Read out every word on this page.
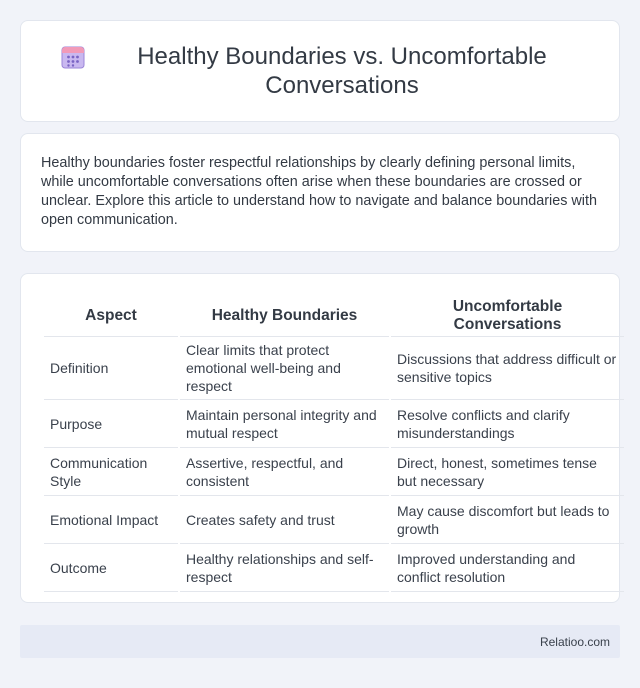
Healthy Boundaries vs. Uncomfortable Conversations

Healthy boundaries foster respectful relationships by clearly defining personal limits, while uncomfortable conversations often arise when these boundaries are crossed or unclear. Explore this article to understand how to navigate and balance boundaries with open communication.

Aspect	Healthy Boundaries	Uncomfortable Conversations
Definition	Clear limits that protect emotional well-being and respect	Discussions that address difficult or sensitive topics
Purpose	Maintain personal integrity and mutual respect	Resolve conflicts and clarify misunderstandings
Communication Style	Assertive, respectful, and consistent	Direct, honest, sometimes tense but necessary
Emotional Impact	Creates safety and trust	May cause discomfort but leads to growth
Outcome	Healthy relationships and self-respect	Improved understanding and conflict resolution
Relatioo.com
